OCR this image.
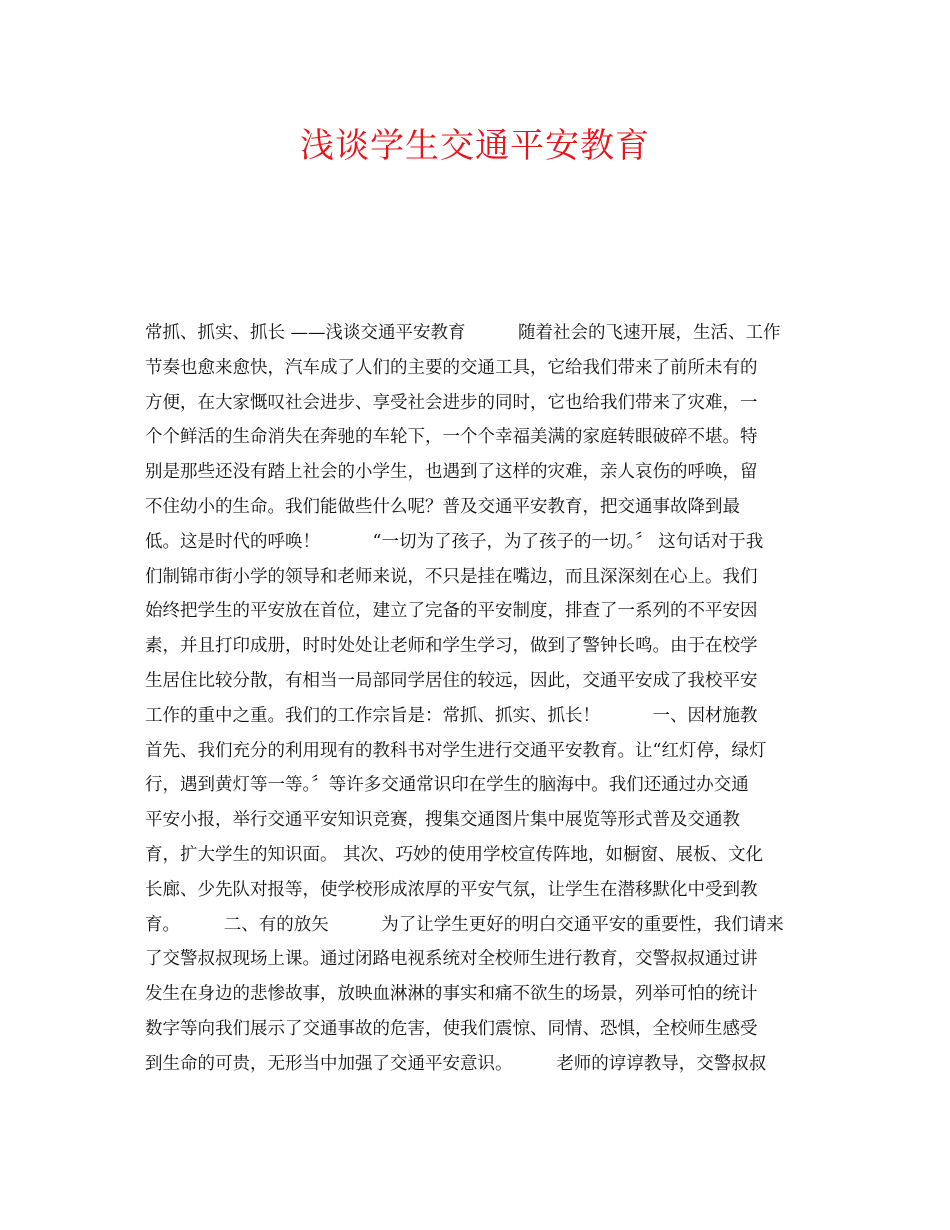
浅谈学生交通平安教育
常抓、抓实、抓长 ——浅谈交通平安教育　　　随着社会的飞速开展，生活、工作
节奏也愈来愈快，汽车成了人们的主要的交通工具，它给我们带来了前所未有的
方便，在大家慨叹社会进步、享受社会进步的同时，它也给我们带来了灾难，一
个个鲜活的生命消失在奔驰的车轮下，一个个幸福美满的家庭转眼破碎不堪。特
别是那些还没有踏上社会的小学生，也遇到了这样的灾难，亲人哀伤的呼唤，留
不住幼小的生命。我们能做些什么呢？普及交通平安教育，把交通事故降到最
低。这是时代的呼唤！　　　“一切为了孩子，为了孩子的一切。〞 这句话对于我
们制锦市街小学的领导和老师来说，不只是挂在嘴边，而且深深刻在心上。我们
始终把学生的平安放在首位，建立了完备的平安制度，排查了一系列的不平安因
素，并且打印成册，时时处处让老师和学生学习，做到了警钟长鸣。由于在校学
生居住比较分散，有相当一局部同学居住的较远，因此，交通平安成了我校平安
工作的重中之重。我们的工作宗旨是：常抓、抓实、抓长！　　　一、因材施教
首先、我们充分的利用现有的教科书对学生进行交通平安教育。让“红灯停，绿灯
行，遇到黄灯等一等。〞等许多交通常识印在学生的脑海中。我们还通过办交通
平安小报，举行交通平安知识竞赛，搜集交通图片集中展览等形式普及交通教
育，扩大学生的知识面。 其次、巧妙的使用学校宣传阵地，如橱窗、展板、文化
长廊、少先队对报等，使学校形成浓厚的平安气氛，让学生在潜移默化中受到教
育。　　　二、有的放矢　　　为了让学生更好的明白交通平安的重要性，我们请来
了交警叔叔现场上课。通过闭路电视系统对全校师生进行教育，交警叔叔通过讲
发生在身边的悲惨故事，放映血淋淋的事实和痛不欲生的场景，列举可怕的统计
数字等向我们展示了交通事故的危害，使我们震惊、同情、恐惧，全校师生感受
到生命的可贵，无形当中加强了交通平安意识。　　　老师的谆谆教导，交警叔叔
